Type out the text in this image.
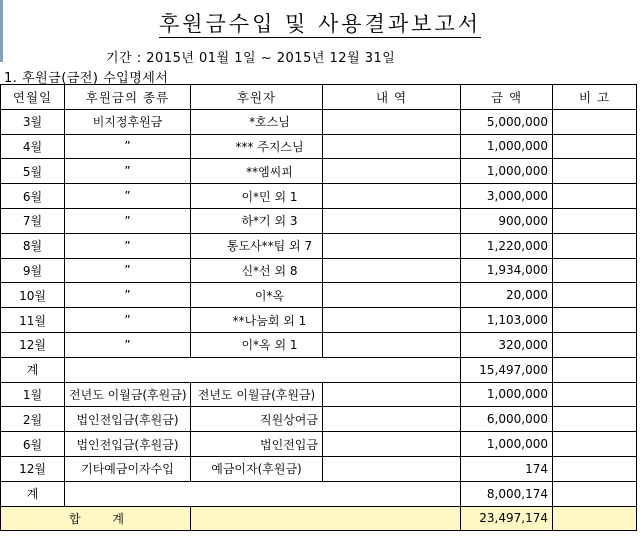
후원금수입 및 사용결과보고서
기간 : 2015년 01월 1일 ~ 2015년 12월 31일
1. 후원금(금전) 수입명세서
연월일	후원금의 종류	후원자	내 역	금 액	비 고
3월	비지정후원금	*호스님		5,000,000	
4월	”	*** 주지스님		1,000,000	
5월	”	**엠씨피		1,000,000	
6월	”	이*민 외 1		3,000,000	
7월	”	하*기 외 3		900,000	
8월	”	통도사**팀 외 7		1,220,000	
9월	”	신*선 외 8		1,934,000	
10월	”	이*옥		20,000	
11월	”	**나눔회 외 1		1,103,000	
12월	”	이*옥 외 1		320,000	
계				15,497,000	
1월	전년도 이월금(후원금)	전년도 이월금(후원금)		1,000,000	
2월	법인전입금(후원금)	직원상여금		6,000,000	
6월	법인전입금(후원금)	법인전입금		1,000,000	
12월	기타예금이자수입	예금이자(후원금)		174	
계				8,000,174	
합 계				23,497,174	
